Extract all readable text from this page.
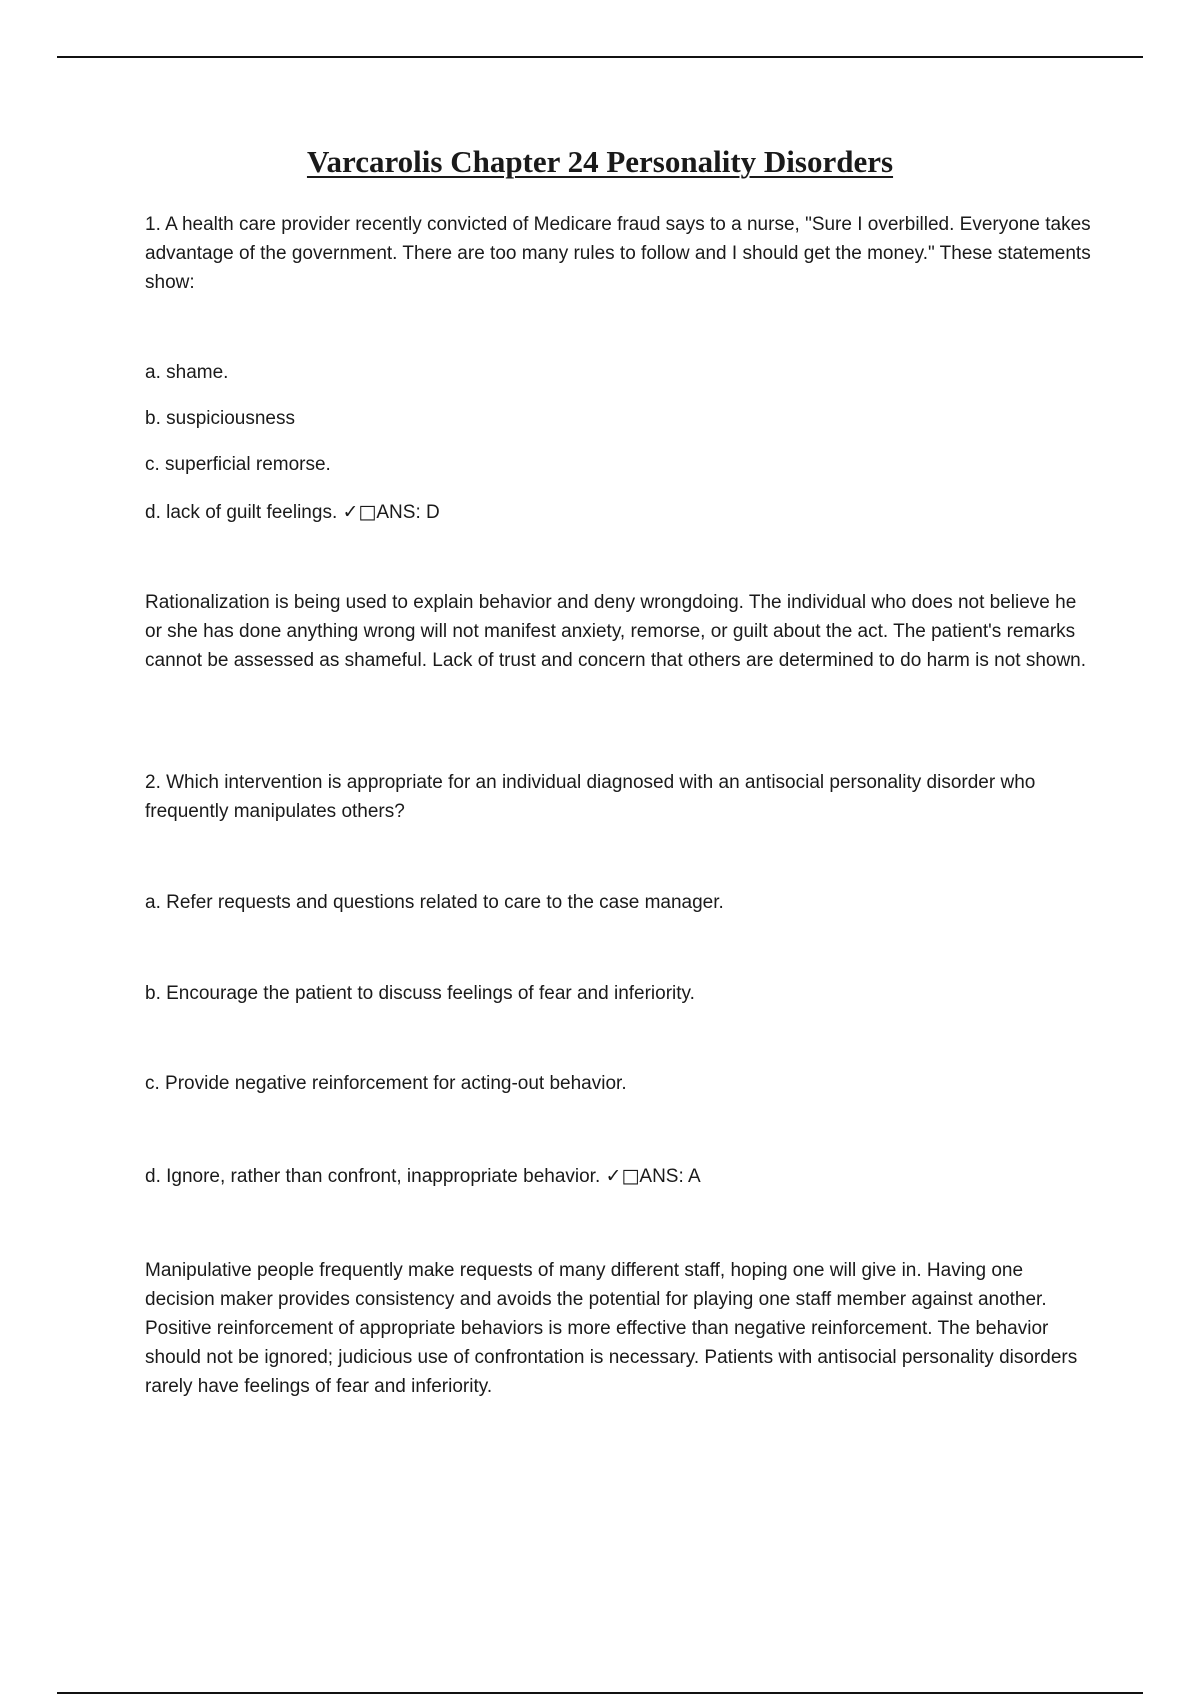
Varcarolis Chapter 24 Personality Disorders

1. A health care provider recently convicted of Medicare fraud says to a nurse, "Sure I overbilled. Everyone takes advantage of the government. There are too many rules to follow and I should get the money." These statements show:

a. shame.

b. suspiciousness

c. superficial remorse.

d. lack of guilt feelings. ✓□ANS: D

Rationalization is being used to explain behavior and deny wrongdoing. The individual who does not believe he or she has done anything wrong will not manifest anxiety, remorse, or guilt about the act. The patient's remarks cannot be assessed as shameful. Lack of trust and concern that others are determined to do harm is not shown.

2. Which intervention is appropriate for an individual diagnosed with an antisocial personality disorder who frequently manipulates others?

a. Refer requests and questions related to care to the case manager.

b. Encourage the patient to discuss feelings of fear and inferiority.

c. Provide negative reinforcement for acting-out behavior.

d. Ignore, rather than confront, inappropriate behavior. ✓□ANS: A

Manipulative people frequently make requests of many different staff, hoping one will give in. Having one decision maker provides consistency and avoids the potential for playing one staff member against another. Positive reinforcement of appropriate behaviors is more effective than negative reinforcement. The behavior should not be ignored; judicious use of confrontation is necessary. Patients with antisocial personality disorders rarely have feelings of fear and inferiority.
